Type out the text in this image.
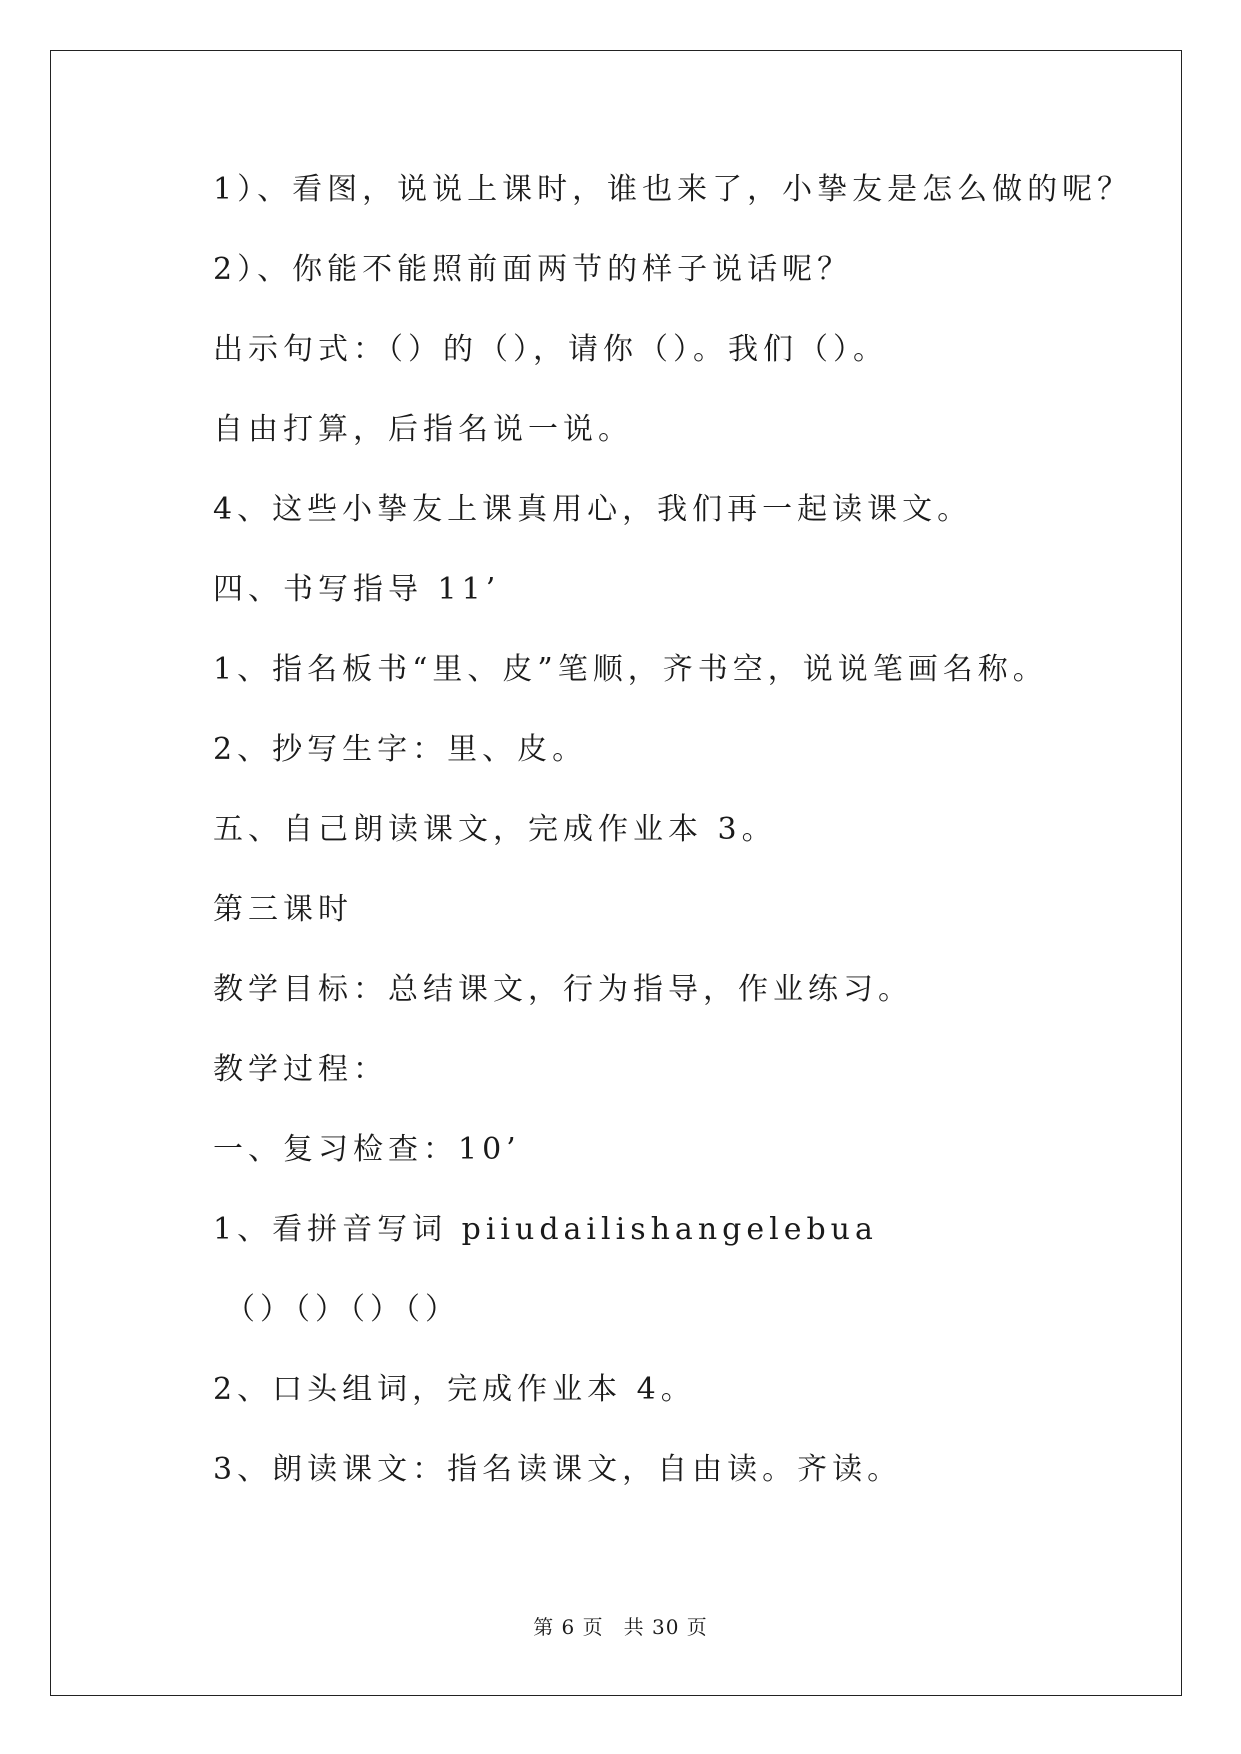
1）、看图，说说上课时，谁也来了，小挚友是怎么做的呢？
2）、你能不能照前面两节的样子说话呢？
出示句式：（）的（），请你（）。我们（）。
自由打算，后指名说一说。
4、这些小挚友上课真用心，我们再一起读课文。
四、书写指导 11’
1、指名板书“里、皮”笔顺，齐书空，说说笔画名称。
2、抄写生字：里、皮。
五、自己朗读课文，完成作业本 3。
第三课时
教学目标：总结课文，行为指导，作业练习。
教学过程：
一、复习检查：10’
1、看拼音写词 piiudailishangelebua
（）（）（）（）
2、口头组词，完成作业本 4。
3、朗读课文：指名读课文，自由读。齐读。
第 6 页 共 30 页
